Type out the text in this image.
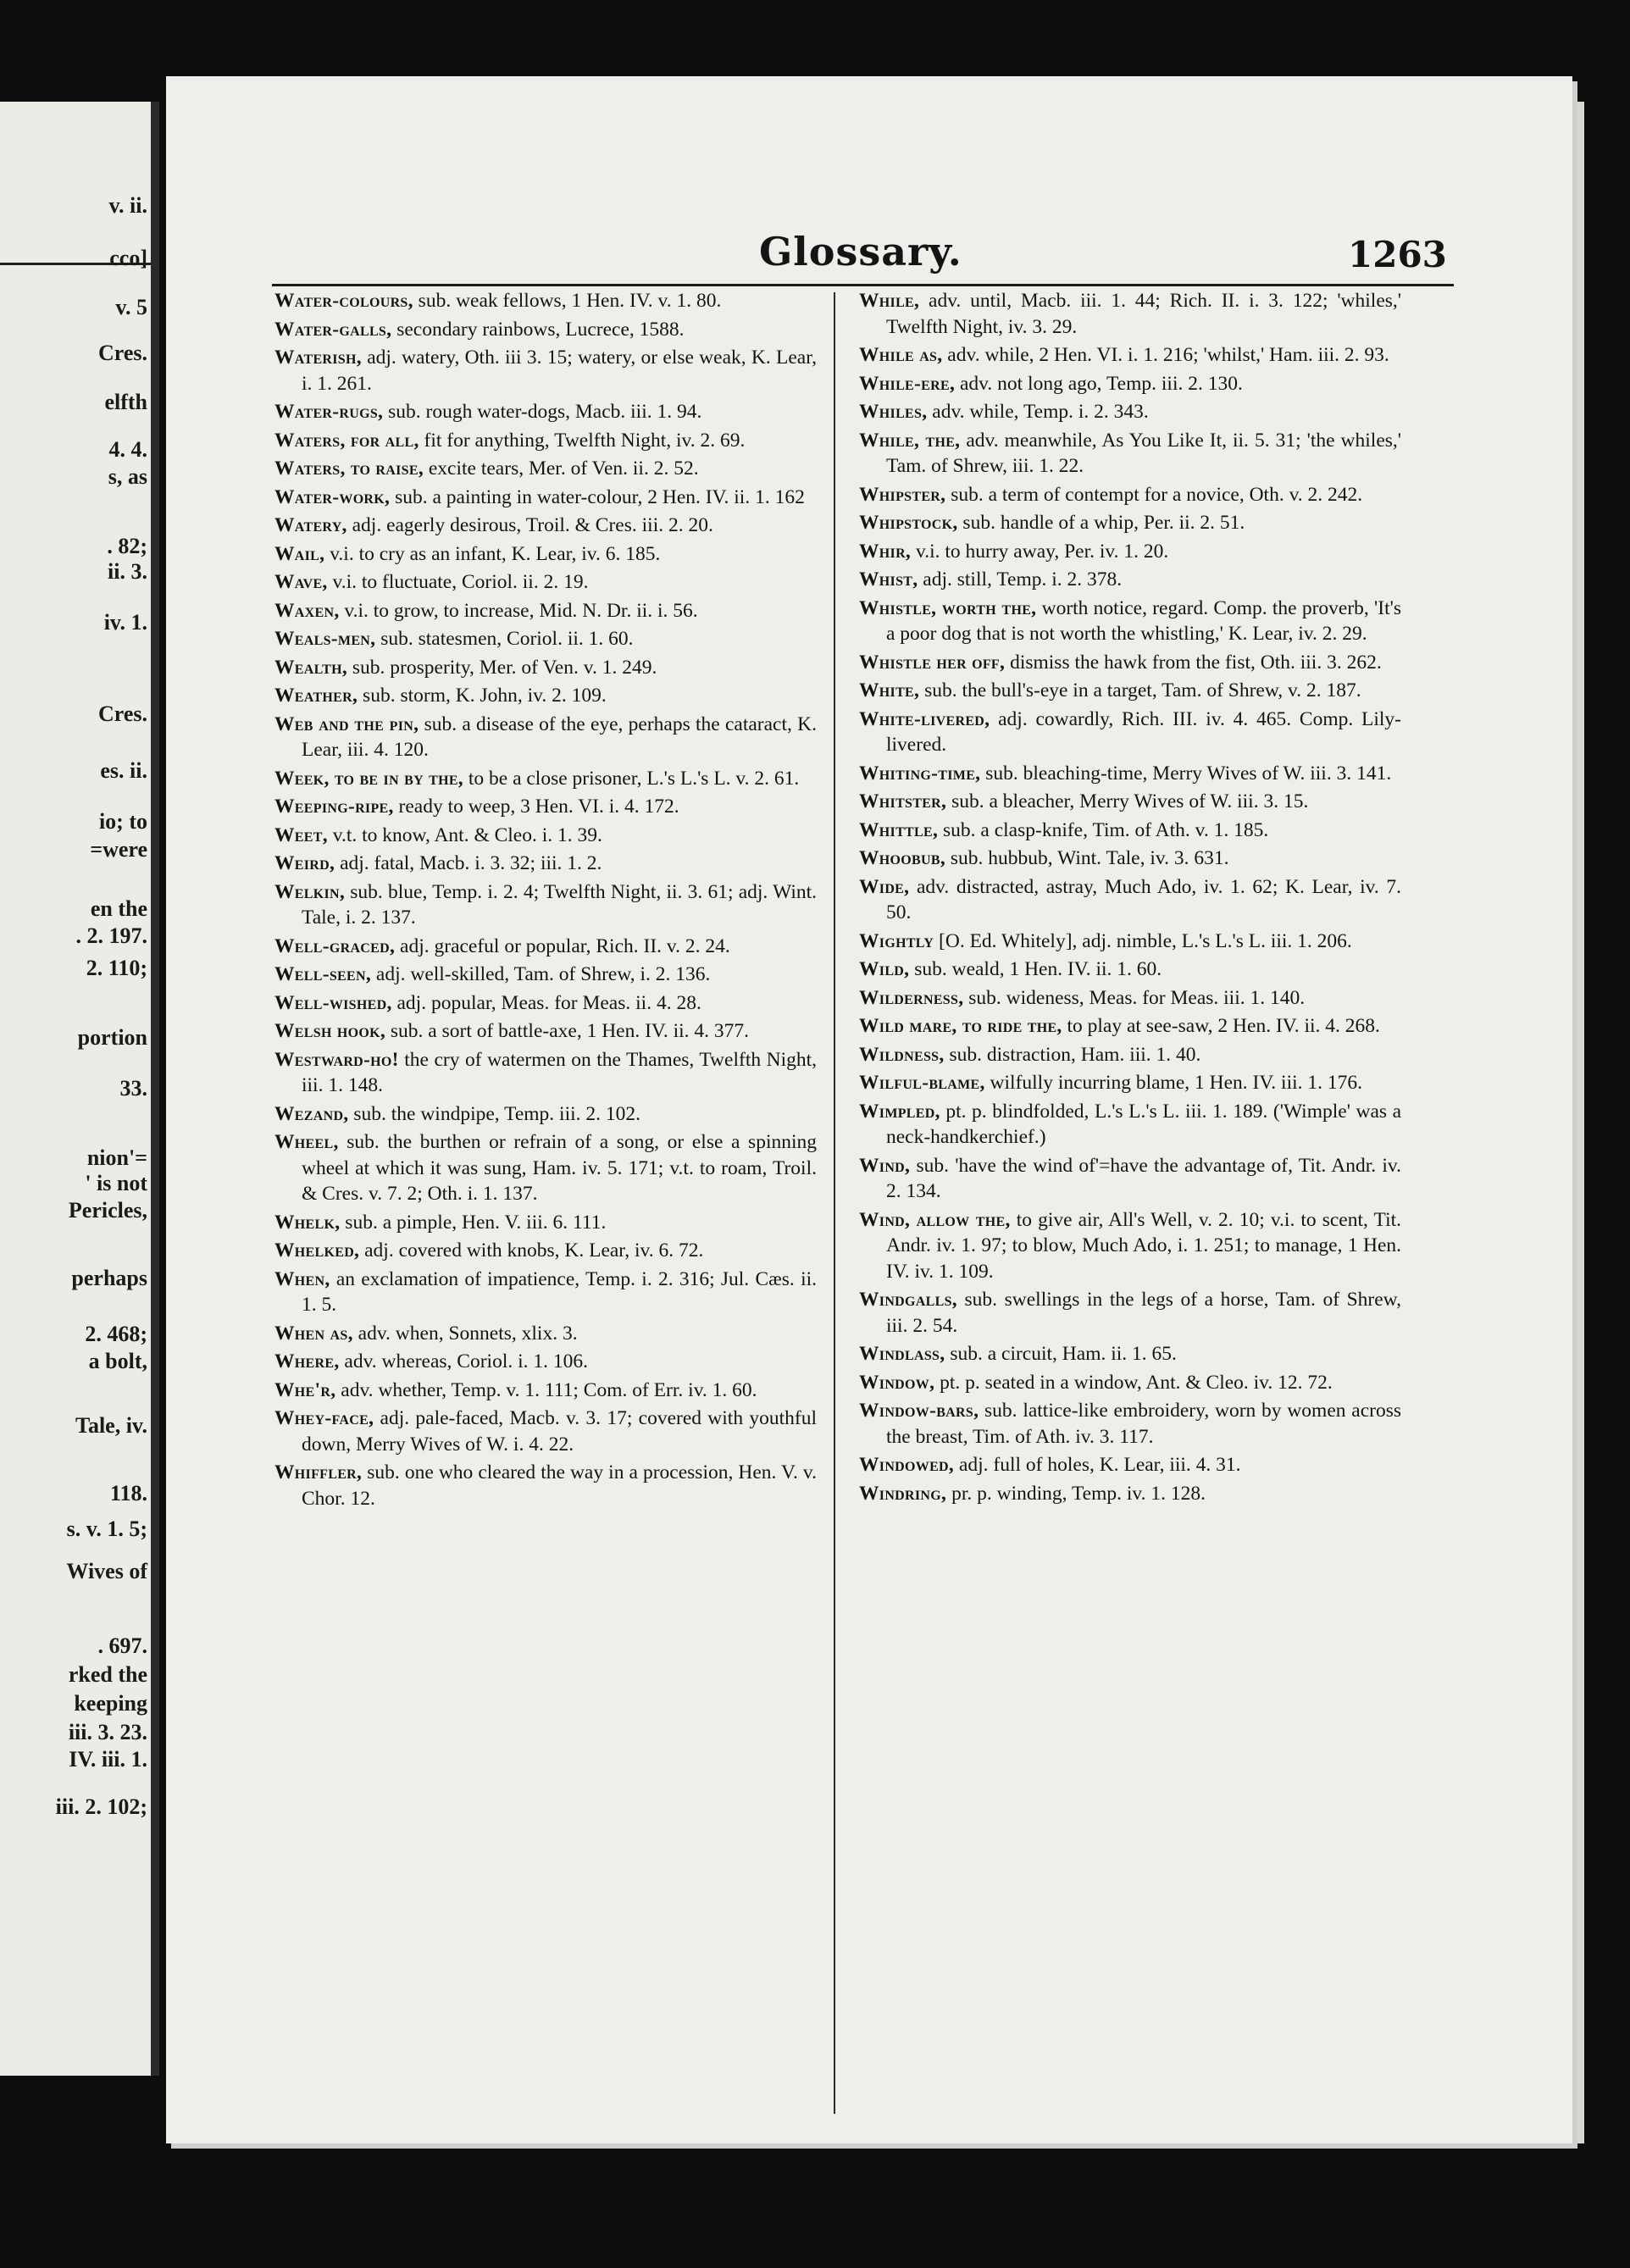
v. ii.
cco]
v. 5
Cres.
elfth
4. 4.
s, as
. 82;
ii. 3.
iv. 1.
Cres.
es. ii.
io; to
=were
en the
. 2. 197.
2. 110;
portion
33.
nion'=
' is not
Pericles,
perhaps
2. 468;
a bolt,
Tale, iv.
118.
s. v. 1. 5;
Wives of
. 697.
rked the
keeping
iii. 3. 23.
IV. iii. 1.
iii. 2. 102;
Glossary.	1263

Water-colours, sub. weak fellows, 1 Hen. IV. v. 1. 80.

Water-galls, secondary rainbows, Lucrece, 1588.

Waterish, adj. watery, Oth. iii 3. 15; watery, or else weak, K. Lear, i. 1. 261.

Water-rugs, sub. rough water-dogs, Macb. iii. 1. 94.

Waters, for all, fit for anything, Twelfth Night, iv. 2. 69.

Waters, to raise, excite tears, Mer. of Ven. ii. 2. 52.

Water-work, sub. a painting in water-colour, 2 Hen. IV. ii. 1. 162

Watery, adj. eagerly desirous, Troil. & Cres. iii. 2. 20.

Wail, v.i. to cry as an infant, K. Lear, iv. 6. 185.

Wave, v.i. to fluctuate, Coriol. ii. 2. 19.

Waxen, v.i. to grow, to increase, Mid. N. Dr. ii. i. 56.

Weals-men, sub. statesmen, Coriol. ii. 1. 60.

Wealth, sub. prosperity, Mer. of Ven. v. 1. 249.

Weather, sub. storm, K. John, iv. 2. 109.

Web and the pin, sub. a disease of the eye, perhaps the cataract, K. Lear, iii. 4. 120.

Week, to be in by the, to be a close prisoner, L.'s L.'s L. v. 2. 61.

Weeping-ripe, ready to weep, 3 Hen. VI. i. 4. 172.

Weet, v.t. to know, Ant. & Cleo. i. 1. 39.

Weird, adj. fatal, Macb. i. 3. 32; iii. 1. 2.

Welkin, sub. blue, Temp. i. 2. 4; Twelfth Night, ii. 3. 61; adj. Wint. Tale, i. 2. 137.

Well-graced, adj. graceful or popular, Rich. II. v. 2. 24.

Well-seen, adj. well-skilled, Tam. of Shrew, i. 2. 136.

Well-wished, adj. popular, Meas. for Meas. ii. 4. 28.

Welsh hook, sub. a sort of battle-axe, 1 Hen. IV. ii. 4. 377.

Westward-ho! the cry of watermen on the Thames, Twelfth Night, iii. 1. 148.

Wezand, sub. the windpipe, Temp. iii. 2. 102.

Wheel, sub. the burthen or refrain of a song, or else a spinning wheel at which it was sung, Ham. iv. 5. 171; v.t. to roam, Troil. & Cres. v. 7. 2; Oth. i. 1. 137.

Whelk, sub. a pimple, Hen. V. iii. 6. 111.

Whelked, adj. covered with knobs, K. Lear, iv. 6. 72.

When, an exclamation of impatience, Temp. i. 2. 316; Jul. Cæs. ii. 1. 5.

When as, adv. when, Sonnets, xlix. 3.

Where, adv. whereas, Coriol. i. 1. 106.

Whe'r, adv. whether, Temp. v. 1. 111; Com. of Err. iv. 1. 60.

Whey-face, adj. pale-faced, Macb. v. 3. 17; covered with youthful down, Merry Wives of W. i. 4. 22.

Whiffler, sub. one who cleared the way in a procession, Hen. V. v. Chor. 12.

While, adv. until, Macb. iii. 1. 44; Rich. II. i. 3. 122; 'whiles,' Twelfth Night, iv. 3. 29.

While as, adv. while, 2 Hen. VI. i. 1. 216; 'whilst,' Ham. iii. 2. 93.

While-ere, adv. not long ago, Temp. iii. 2. 130.

Whiles, adv. while, Temp. i. 2. 343.

While, the, adv. meanwhile, As You Like It, ii. 5. 31; 'the whiles,' Tam. of Shrew, iii. 1. 22.

Whipster, sub. a term of contempt for a novice, Oth. v. 2. 242.

Whipstock, sub. handle of a whip, Per. ii. 2. 51.

Whir, v.i. to hurry away, Per. iv. 1. 20.

Whist, adj. still, Temp. i. 2. 378.

Whistle, worth the, worth notice, regard. Comp. the proverb, 'It's a poor dog that is not worth the whistling,' K. Lear, iv. 2. 29.

Whistle her off, dismiss the hawk from the fist, Oth. iii. 3. 262.

White, sub. the bull's-eye in a target, Tam. of Shrew, v. 2. 187.

White-livered, adj. cowardly, Rich. III. iv. 4. 465. Comp. Lily-livered.

Whiting-time, sub. bleaching-time, Merry Wives of W. iii. 3. 141.

Whitster, sub. a bleacher, Merry Wives of W. iii. 3. 15.

Whittle, sub. a clasp-knife, Tim. of Ath. v. 1. 185.

Whoobub, sub. hubbub, Wint. Tale, iv. 3. 631.

Wide, adv. distracted, astray, Much Ado, iv. 1. 62; K. Lear, iv. 7. 50.

Wightly [O. Ed. Whitely], adj. nimble, L.'s L.'s L. iii. 1. 206.

Wild, sub. weald, 1 Hen. IV. ii. 1. 60.

Wilderness, sub. wideness, Meas. for Meas. iii. 1. 140.

Wild mare, to ride the, to play at see-saw, 2 Hen. IV. ii. 4. 268.

Wildness, sub. distraction, Ham. iii. 1. 40.

Wilful-blame, wilfully incurring blame, 1 Hen. IV. iii. 1. 176.

Wimpled, pt. p. blindfolded, L.'s L.'s L. iii. 1. 189. ('Wimple' was a neck-handkerchief.)

Wind, sub. 'have the wind of'=have the advantage of, Tit. Andr. iv. 2. 134.

Wind, allow the, to give air, All's Well, v. 2. 10; v.i. to scent, Tit. Andr. iv. 1. 97; to blow, Much Ado, i. 1. 251; to manage, 1 Hen. IV. iv. 1. 109.

Windgalls, sub. swellings in the legs of a horse, Tam. of Shrew, iii. 2. 54.

Windlass, sub. a circuit, Ham. ii. 1. 65.

Window, pt. p. seated in a window, Ant. & Cleo. iv. 12. 72.

Window-bars, sub. lattice-like embroidery, worn by women across the breast, Tim. of Ath. iv. 3. 117.

Windowed, adj. full of holes, K. Lear, iii. 4. 31.

Windring, pr. p. winding, Temp. iv. 1. 128.
